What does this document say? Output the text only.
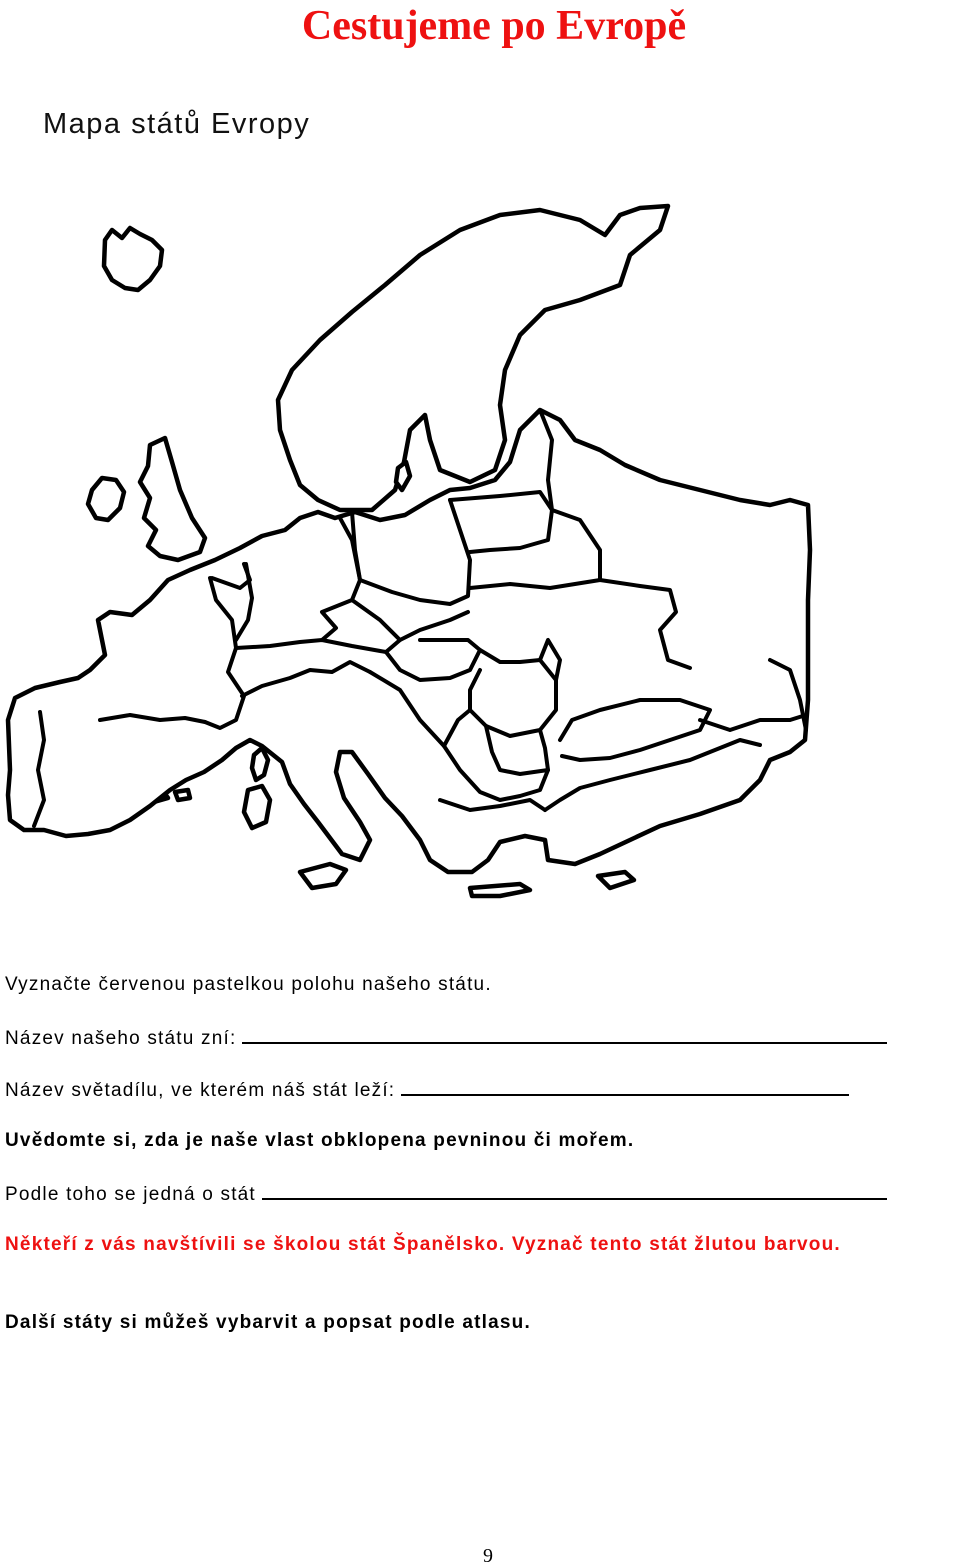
Cestujeme po Evropě
Mapa států Evropy
Vyznačte červenou pastelkou polohu našeho státu.
Název našeho státu zní:
Název světadílu, ve kterém náš stát leží:
Uvědomte si, zda je naše vlast obklopena pevninou či mořem.
Podle toho se jedná o stát
Někteří z vás navštívili se školou stát Španělsko. Vyznač tento stát žlutou barvou.
Další státy si můžeš vybarvit a popsat podle atlasu.
9
